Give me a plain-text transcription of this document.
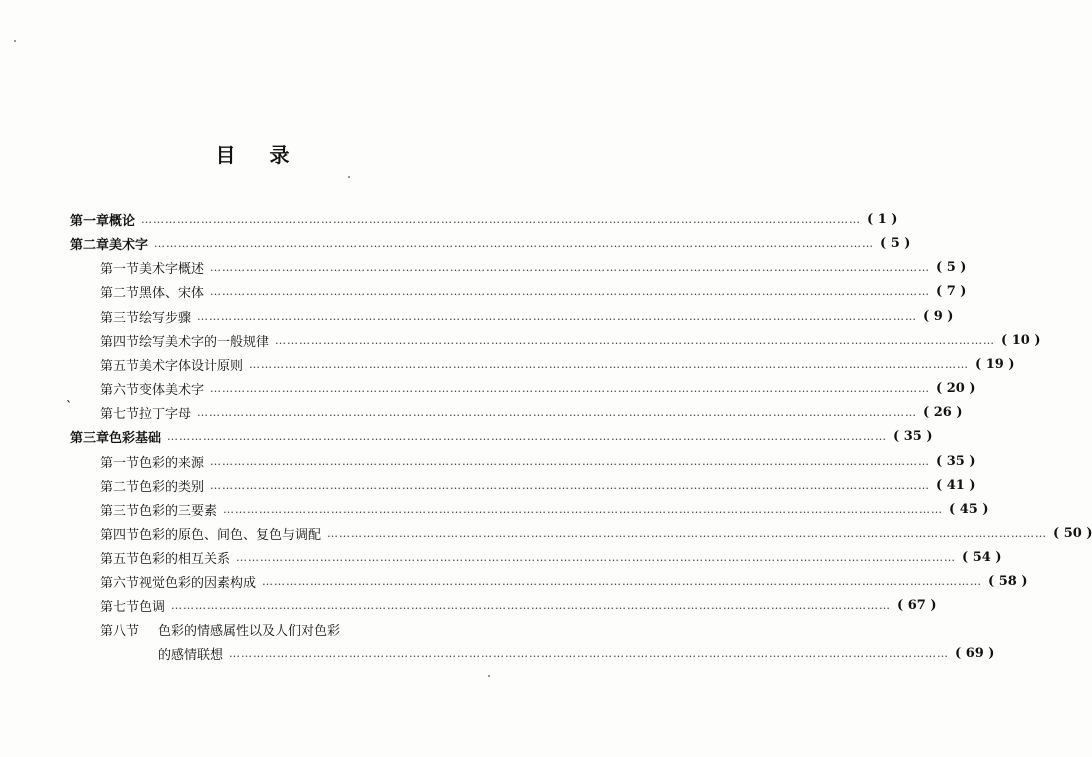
目录
第一章 概论 ……………………………………………………………………………………………………………………………………………………………… ( 1 )
第二章 美术字 ……………………………………………………………………………………………………………………………………………………………… ( 5 )
第一节 美术字概述 ……………………………………………………………………………………………………………………………………………………………… ( 5 )
第二节 黑体、宋体 ……………………………………………………………………………………………………………………………………………………………… ( 7 )
第三节 绘写步骤 ……………………………………………………………………………………………………………………………………………………………… ( 9 )
第四节 绘写美术字的一般规律 ……………………………………………………………………………………………………………………………………………………………… ( 10 )
第五节 美术字体设计原则 ……………………………………………………………………………………………………………………………………………………………… ( 19 )
第六节 变体美术字 ……………………………………………………………………………………………………………………………………………………………… ( 20 )
第七节 拉丁字母 ……………………………………………………………………………………………………………………………………………………………… ( 26 )
第三章 色彩基础 ……………………………………………………………………………………………………………………………………………………………… ( 35 )
第一节 色彩的来源 ……………………………………………………………………………………………………………………………………………………………… ( 35 )
第二节 色彩的类别 ……………………………………………………………………………………………………………………………………………………………… ( 41 )
第三节 色彩的三要素 ……………………………………………………………………………………………………………………………………………………………… ( 45 )
第四节 色彩的原色、间色、复色与调配 ……………………………………………………………………………………………………………………………………………………………… ( 50 )
第五节 色彩的相互关系 ……………………………………………………………………………………………………………………………………………………………… ( 54 )
第六节 视觉色彩的因素构成 ……………………………………………………………………………………………………………………………………………………………… ( 58 )
第七节 色调 ……………………………………………………………………………………………………………………………………………………………… ( 67 )
第八节	色彩的情感属性以及人们对色彩
的感情联想 ……………………………………………………………………………………………………………………………………………………………… ( 69 )
ˋ
